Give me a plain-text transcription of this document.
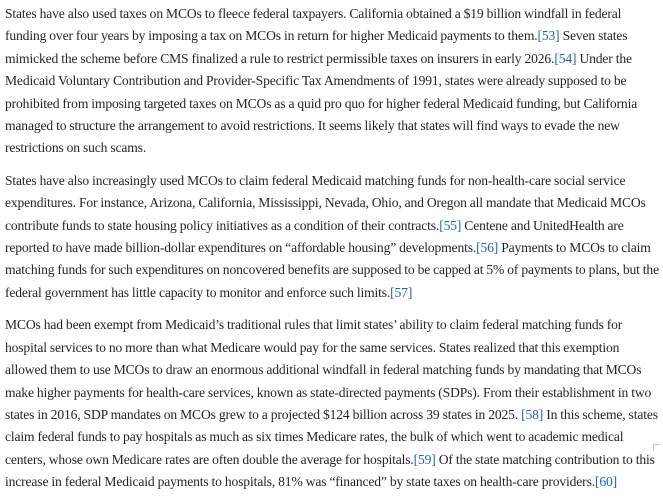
States have also used taxes on MCOs to fleece federal taxpayers. California obtained a $19 billion windfall in federal funding over four years by imposing a tax on MCOs in return for higher Medicaid payments to them.[53] Seven states mimicked the scheme before CMS finalized a rule to restrict permissible taxes on insurers in early 2026.[54] Under the Medicaid Voluntary Contribution and Provider-Specific Tax Amendments of 1991, states were already supposed to be prohibited from imposing targeted taxes on MCOs as a quid pro quo for higher federal Medicaid funding, but California managed to structure the arrangement to avoid restrictions. It seems likely that states will find ways to evade the new restrictions on such scams.

States have also increasingly used MCOs to claim federal Medicaid matching funds for non-health-care social service expenditures. For instance, Arizona, California, Mississippi, Nevada, Ohio, and Oregon all mandate that Medicaid MCOs contribute funds to state housing policy initiatives as a condition of their contracts.[55] Centene and UnitedHealth are reported to have made billion-dollar expenditures on “affordable housing” developments.[56] Payments to MCOs to claim matching funds for such expenditures on noncovered benefits are supposed to be capped at 5% of payments to plans, but the federal government has little capacity to monitor and enforce such limits.[57]

MCOs had been exempt from Medicaid’s traditional rules that limit states’ ability to claim federal matching funds for hospital services to no more than what Medicare would pay for the same services. States realized that this exemption allowed them to use MCOs to draw an enormous additional windfall in federal matching funds by mandating that MCOs make higher payments for health-care services, known as state-directed payments (SDPs). From their establishment in two states in 2016, SDP mandates on MCOs grew to a projected $124 billion across 39 states in 2025. [58] In this scheme, states claim federal funds to pay hospitals as much as six times Medicare rates, the bulk of which went to academic medical centers, whose own Medicare rates are often double the average for hospitals.[59] Of the state matching contribution to this increase in federal Medicaid payments to hospitals, 81% was “financed” by state taxes on health-care providers.[60]
